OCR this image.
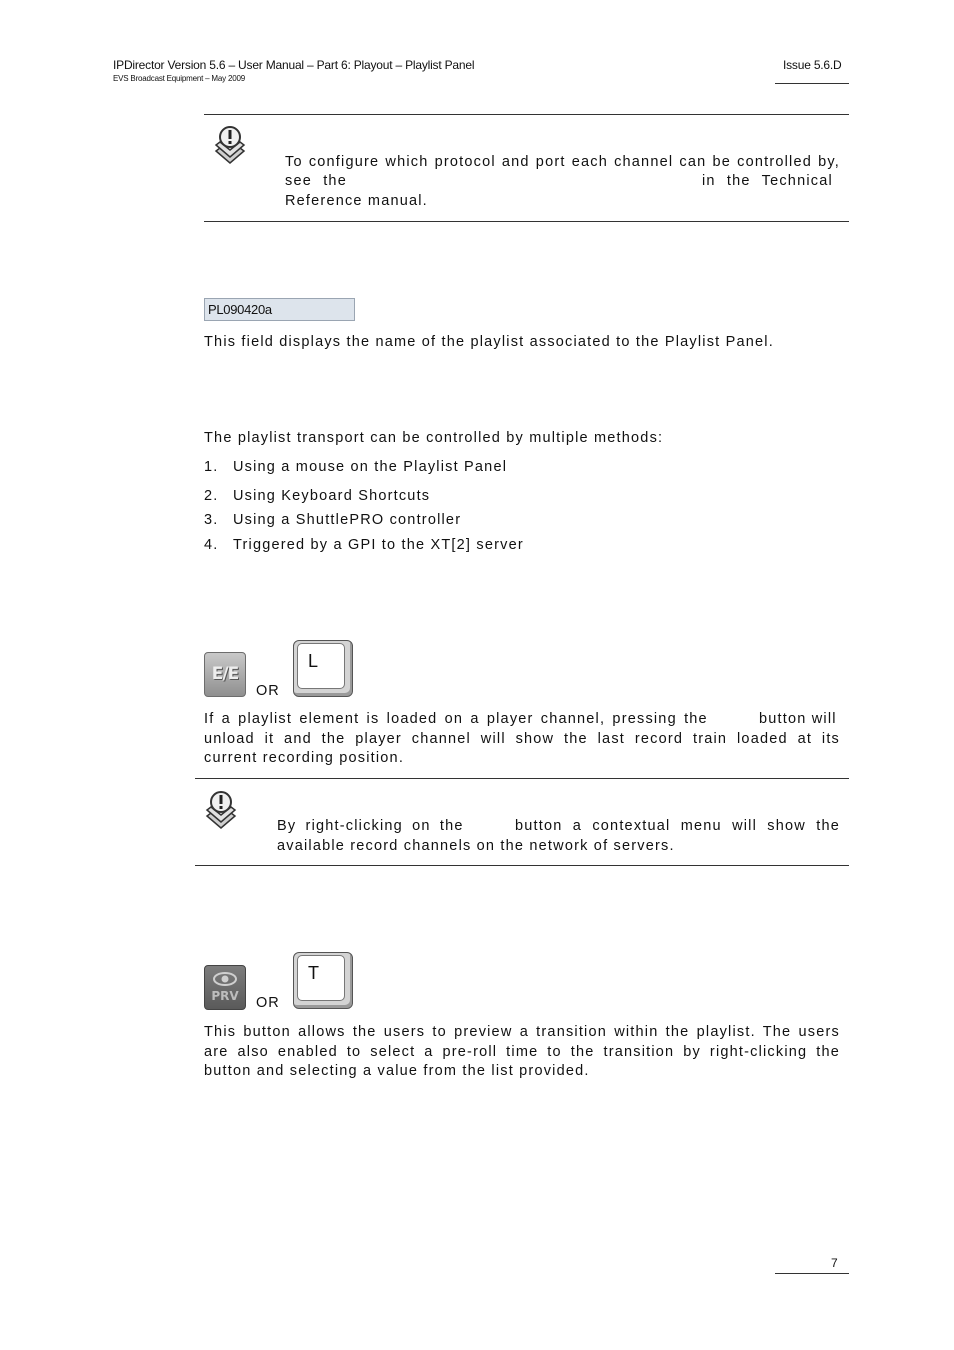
IPDirector Version 5.6 – User Manual – Part 6: Playout – Playlist Panel
EVS Broadcast Equipment – May 2009
Issue 5.6.D
To configure which protocol and port each channel can be controlled by,
see the	in the Technical
Reference manual.
PL090420a
This field displays the name of the playlist associated to the Playlist Panel.
The playlist transport can be controlled by multiple methods:
1. Using a mouse on the Playlist Panel
2. Using Keyboard Shortcuts
3. Using a ShuttlePRO controller
4. Triggered by a GPI to the XT[2] server
E/E
OR
L
If a playlist element is loaded on a player channel, pressing the	button will
unload it and the player channel will show the last record train loaded at its
current recording position.
By right-clicking on the	button a contextual menu will show the
available record channels on the network of servers.
PRV	OR
T
This button allows the users to preview a transition within the playlist. The users
are also enabled to select a pre-roll time to the transition by right-clicking the
button and selecting a value from the list provided.
7
